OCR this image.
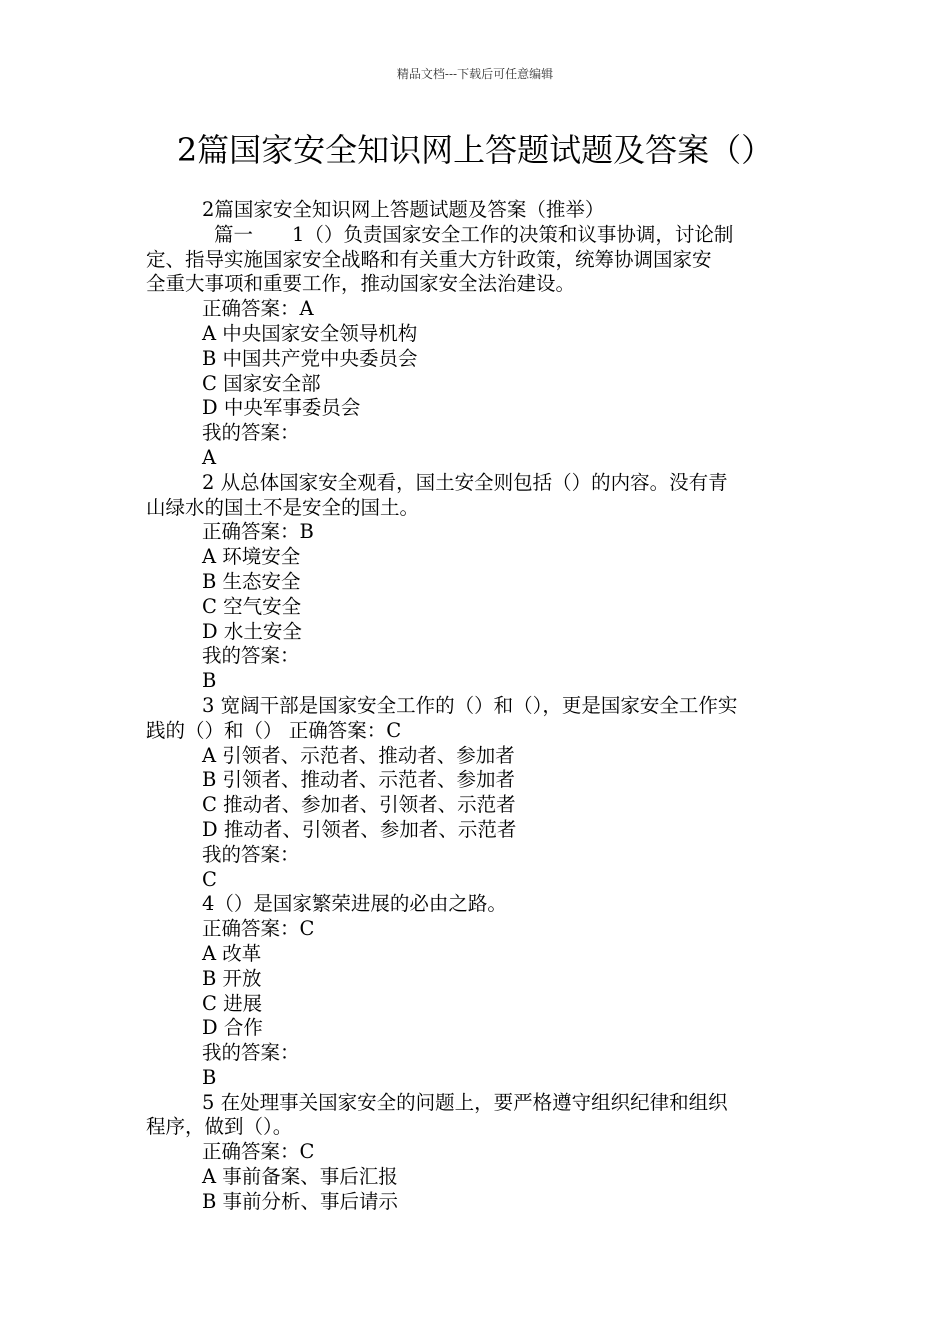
精品文档---下载后可任意编辑
2篇国家安全知识网上答题试题及答案（）
2篇国家安全知识网上答题试题及答案（推举）
篇一　　1（）负责国家安全工作的决策和议事协调，讨论制
定、指导实施国家安全战略和有关重大方针政策，统筹协调国家安
全重大事项和重要工作，推动国家安全法治建设。
正确答案：A
A 中央国家安全领导机构
B 中国共产党中央委员会
C 国家安全部
D 中央军事委员会
我的答案：
A
2 从总体国家安全观看，国土安全则包括（）的内容。没有青
山绿水的国土不是安全的国土。
正确答案：B
A 环境安全
B 生态安全
C 空气安全
D 水土安全
我的答案：
B
3 宽阔干部是国家安全工作的（）和（），更是国家安全工作实
践的（）和（） 正确答案：C
A 引领者、示范者、推动者、参加者
B 引领者、推动者、示范者、参加者
C 推动者、参加者、引领者、示范者
D 推动者、引领者、参加者、示范者
我的答案：
C
4（）是国家繁荣进展的必由之路。
正确答案：C
A 改革
B 开放
C 进展
D 合作
我的答案：
B
5 在处理事关国家安全的问题上，要严格遵守组织纪律和组织
程序，做到（）。
正确答案：C
A 事前备案、事后汇报
B 事前分析、事后请示
